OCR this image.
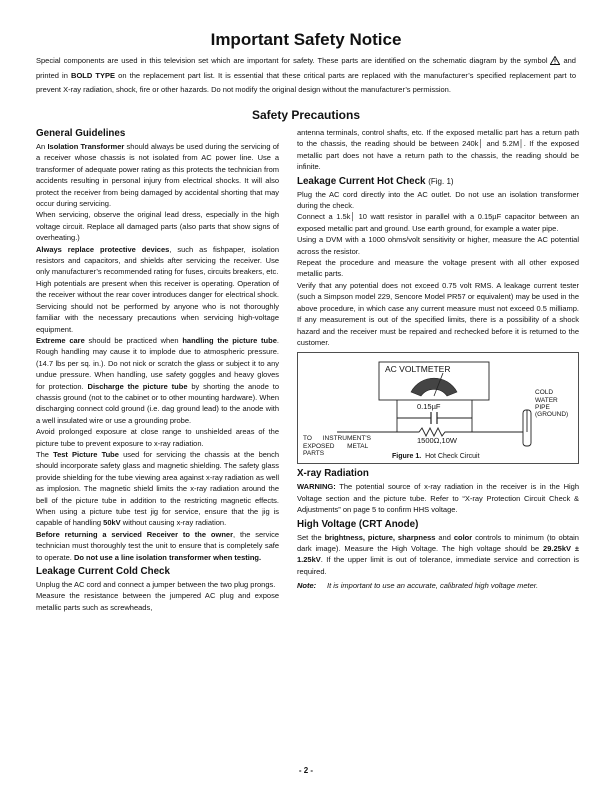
Important Safety Notice
Special components are used in this television set which are important for safety. These parts are identified on the schematic diagram by the symbol and printed in BOLD TYPE on the replacement part list. It is essential that these critical parts are replaced with the manufacturer’s specified replacement part to prevent X-ray radiation, shock, fire or other hazards. Do not modify the original design without the manufacturer’s permission.
Safety Precautions
General Guidelines

An Isolation Transformer should always be used during the servicing of a receiver whose chassis is not isolated from AC power line. Use a transformer of adequate power rating as this protects the technician from accidents resulting in personal injury from electrical shocks. It will also protect the receiver from being damaged by accidental shorting that may occur during servicing.

When servicing, observe the original lead dress, especially in the high voltage circuit. Replace all damaged parts (also parts that show signs of overheating.)

Always replace protective devices, such as fishpaper, isolation resistors and capacitors, and shields after servicing the receiver. Use only manufacturer’s recommended rating for fuses, circuits breakers, etc.

High potentials are present when this receiver is operating. Operation of the receiver without the rear cover introduces danger for electrical shock. Servicing should not be performed by anyone who is not thoroughly familiar with the necessary precautions when servicing high-voltage equipment.

Extreme care should be practiced when handling the picture tube. Rough handling may cause it to implode due to atmospheric pressure. (14.7 lbs per sq. in.). Do not nick or scratch the glass or subject it to any undue pressure. When handling, use safety goggles and heavy gloves for protection. Discharge the picture tube by shorting the anode to chassis ground (not to the cabinet or to other mounting hardware). When discharging connect cold ground (i.e. dag ground lead) to the anode with a well insulated wire or use a grounding probe.

Avoid prolonged exposure at close range to unshielded areas of the picture tube to prevent exposure to x-ray radiation.

The Test Picture Tube used for servicing the chassis at the bench should incorporate safety glass and magnetic shielding. The safety glass provide shielding for the tube viewing area against x-ray radiation as well as implosion. The magnetic shield limits the x-ray radiation around the bell of the picture tube in addition to the restricting magnetic effects. When using a picture tube test jig for service, ensure that the jig is capable of handling 50kV without causing x-ray radiation.

Before returning a serviced Receiver to the owner, the service technician must thoroughly test the unit to ensure that is completely safe to operate. Do not use a line isolation transformer when testing.

Leakage Current Cold Check

Unplug the AC cord and connect a jumper between the two plug prongs.

Measure the resistance between the jumpered AC plug and expose metallic parts such as screwheads,

antenna terminals, control shafts, etc. If the exposed metallic part has a return path to the chassis, the reading should be between 240k│ and 5.2M│. If the exposed metallic part does not have a return path to the chassis, the reading should be infinite.

Leakage Current Hot Check (Fig. 1)

Plug the AC cord directly into the AC outlet. Do not use an isolation transformer during the check.

Connect a 1.5k│ 10 watt resistor in parallel with a 0.15µF capacitor between an exposed metallic part and ground. Use earth ground, for example a water pipe.

Using a DVM with a 1000 ohms/volt sensitivity or higher, measure the AC potential across the resistor.

Repeat the procedure and measure the voltage present with all other exposed metallic parts.

Verify that any potential does not exceed 0.75 volt RMS. A leakage current tester (such a Simpson model 229, Sencore Model PR57 or equivalent) may be used in the above procedure, in which case any current measure must not exceed 0.5 milliamp. If any measurement is out of the specified limits, there is a possibility of a shock hazard and the receiver must be repaired and rechecked before it is returned to the customer.

AC VOLTMETER
COLD
WATER
PIPE
(GROUND)
0.15µF
1500Ω,10W
TO      INSTRUMENT'S
EXPOSED       METAL
PARTS
Figure 1. Hot Check Circuit
X-ray Radiation

WARNING: The potential source of x-ray radiation in the receiver is in the High Voltage section and the picture tube. Refer to “X-ray Protection Circuit Check & Adjustments” on page 5 to confirm HHS voltage.

High Voltage (CRT Anode)

Set the brightness, picture, sharpness and color controls to minimum (to obtain dark image). Measure the High Voltage. The high voltage should be 29.25kV ± 1.25kV. If the upper limit is out of tolerance, immediate service and correction is required.

Note:	It is important to use an accurate, calibrated high voltage meter.
- 2 -
